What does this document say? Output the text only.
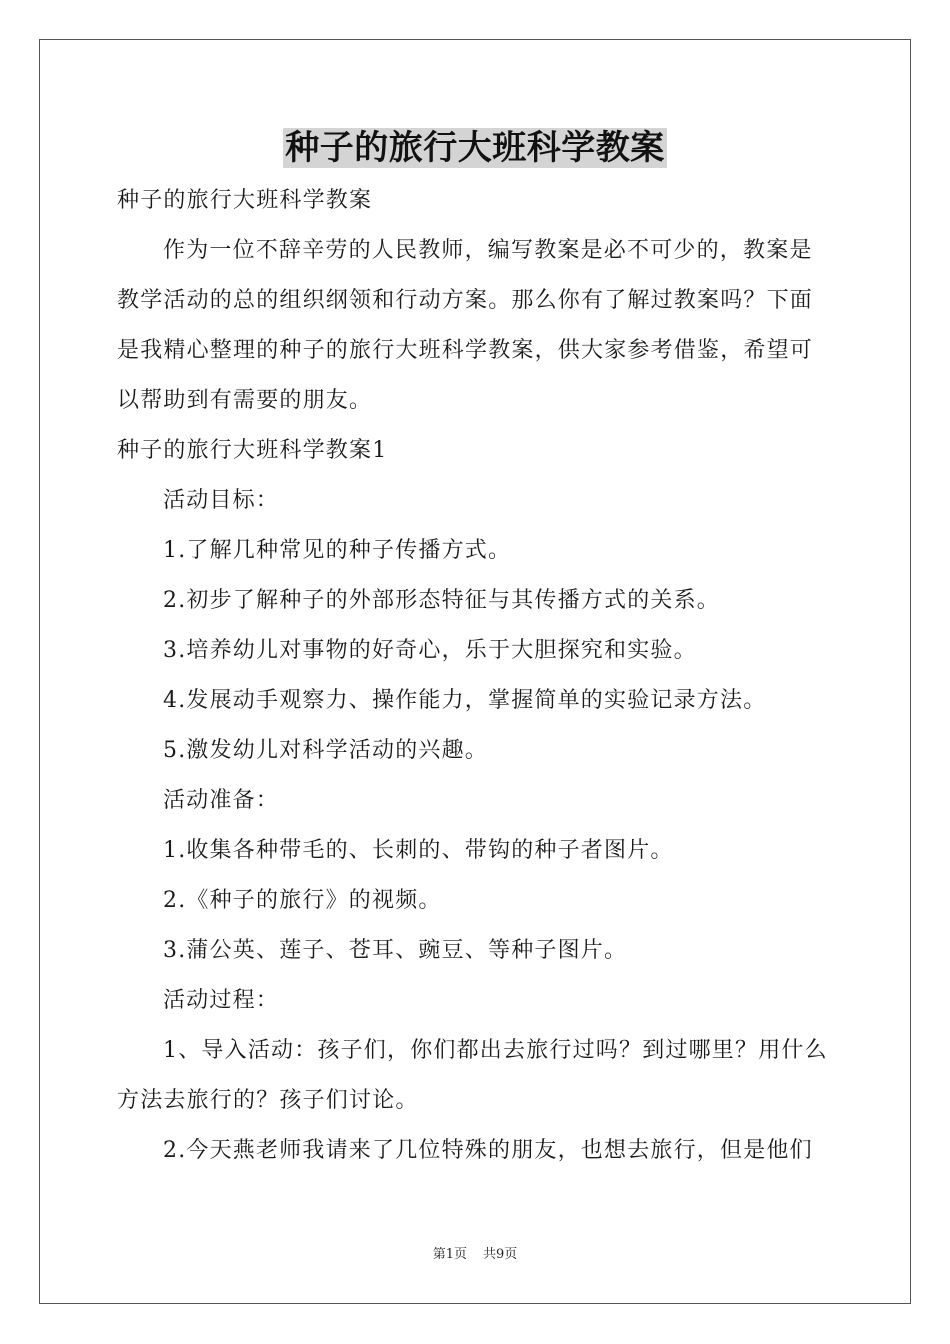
种子的旅行大班科学教案

种子的旅行大班科学教案

作为一位不辞辛劳的人民教师，编写教案是必不可少的，教案是教学活动的总的组织纲领和行动方案。那么你有了解过教案吗？下面是我精心整理的种子的旅行大班科学教案，供大家参考借鉴，希望可以帮助到有需要的朋友。

种子的旅行大班科学教案1

活动目标：

1.了解几种常见的种子传播方式。

2.初步了解种子的外部形态特征与其传播方式的关系。

3.培养幼儿对事物的好奇心，乐于大胆探究和实验。

4.发展动手观察力、操作能力，掌握简单的实验记录方法。

5.激发幼儿对科学活动的兴趣。

活动准备：

1.收集各种带毛的、长刺的、带钩的种子者图片。

2.《种子的旅行》的视频。

3.蒲公英、莲子、苍耳、豌豆、等种子图片。

活动过程：

1、导入活动：孩子们，你们都出去旅行过吗？到过哪里？用什么方法去旅行的？孩子们讨论。

2.今天燕老师我请来了几位特殊的朋友，也想去旅行，但是他们

第1页 共9页
